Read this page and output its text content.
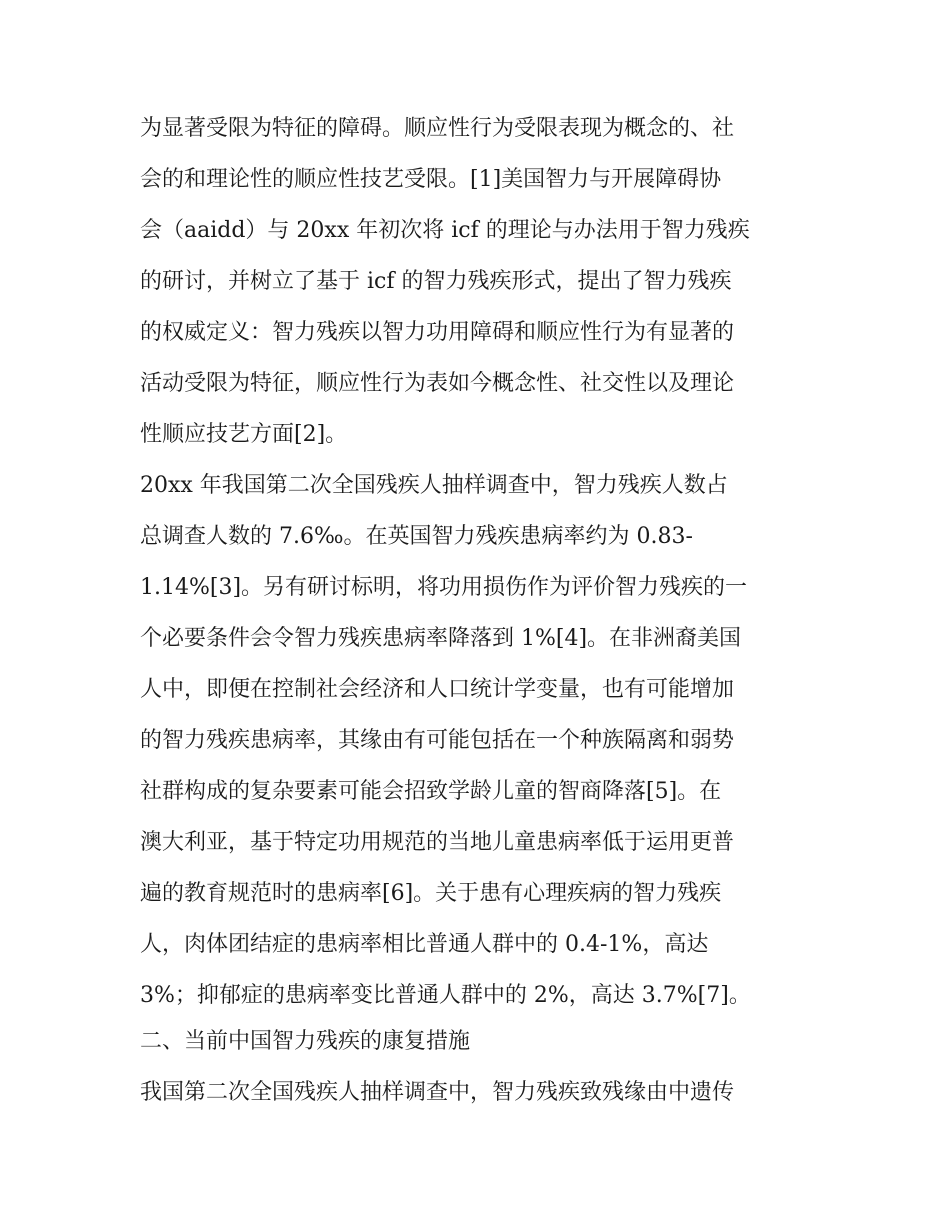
为显著受限为特征的障碍。顺应性行为受限表现为概念的、社
会的和理论性的顺应性技艺受限。[1]美国智力与开展障碍协
会（aaidd）与 20xx 年初次将 icf 的理论与办法用于智力残疾
的研讨，并树立了基于 icf 的智力残疾形式，提出了智力残疾
的权威定义：智力残疾以智力功用障碍和顺应性行为有显著的
活动受限为特征，顺应性行为表如今概念性、社交性以及理论
性顺应技艺方面[2]。
20xx 年我国第二次全国残疾人抽样调查中，智力残疾人数占
总调查人数的 7.6‰。在英国智力残疾患病率约为 0.83-
1.14%[3]。另有研讨标明，将功用损伤作为评价智力残疾的一
个必要条件会令智力残疾患病率降落到 1%[4]。在非洲裔美国
人中，即便在控制社会经济和人口统计学变量，也有可能增加
的智力残疾患病率，其缘由有可能包括在一个种族隔离和弱势
社群构成的复杂要素可能会招致学龄儿童的智商降落[5]。在
澳大利亚，基于特定功用规范的当地儿童患病率低于运用更普
遍的教育规范时的患病率[6]。关于患有心理疾病的智力残疾
人，肉体团结症的患病率相比普通人群中的 0.4-1%，高达
3%；抑郁症的患病率变比普通人群中的 2%，高达 3.7%[7]。
二、当前中国智力残疾的康复措施
我国第二次全国残疾人抽样调查中，智力残疾致残缘由中遗传
